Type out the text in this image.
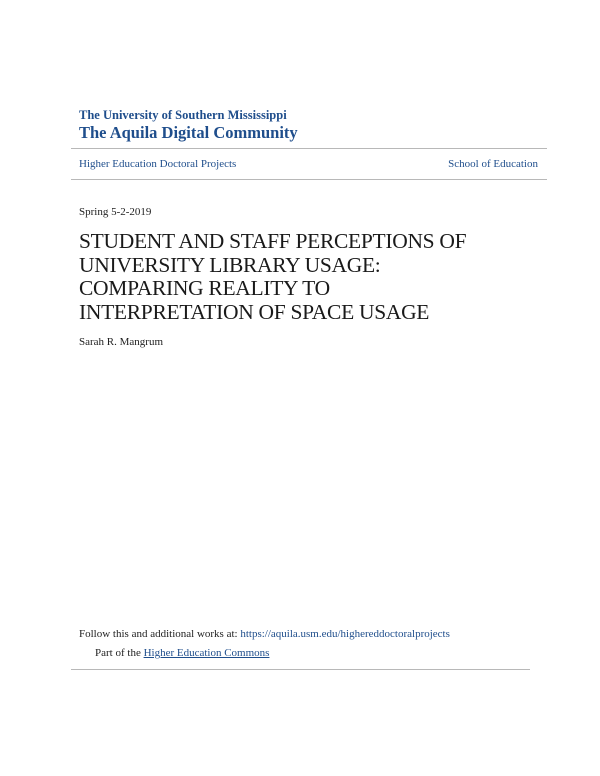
The University of Southern Mississippi
The Aquila Digital Community
Higher Education Doctoral Projects	School of Education
Spring 5-2-2019
STUDENT AND STAFF PERCEPTIONS OF
UNIVERSITY LIBRARY USAGE:
COMPARING REALITY TO
INTERPRETATION OF SPACE USAGE
Sarah R. Mangrum
Follow this and additional works at: https://aquila.usm.edu/highereddoctoralprojects
Part of the Higher Education Commons
